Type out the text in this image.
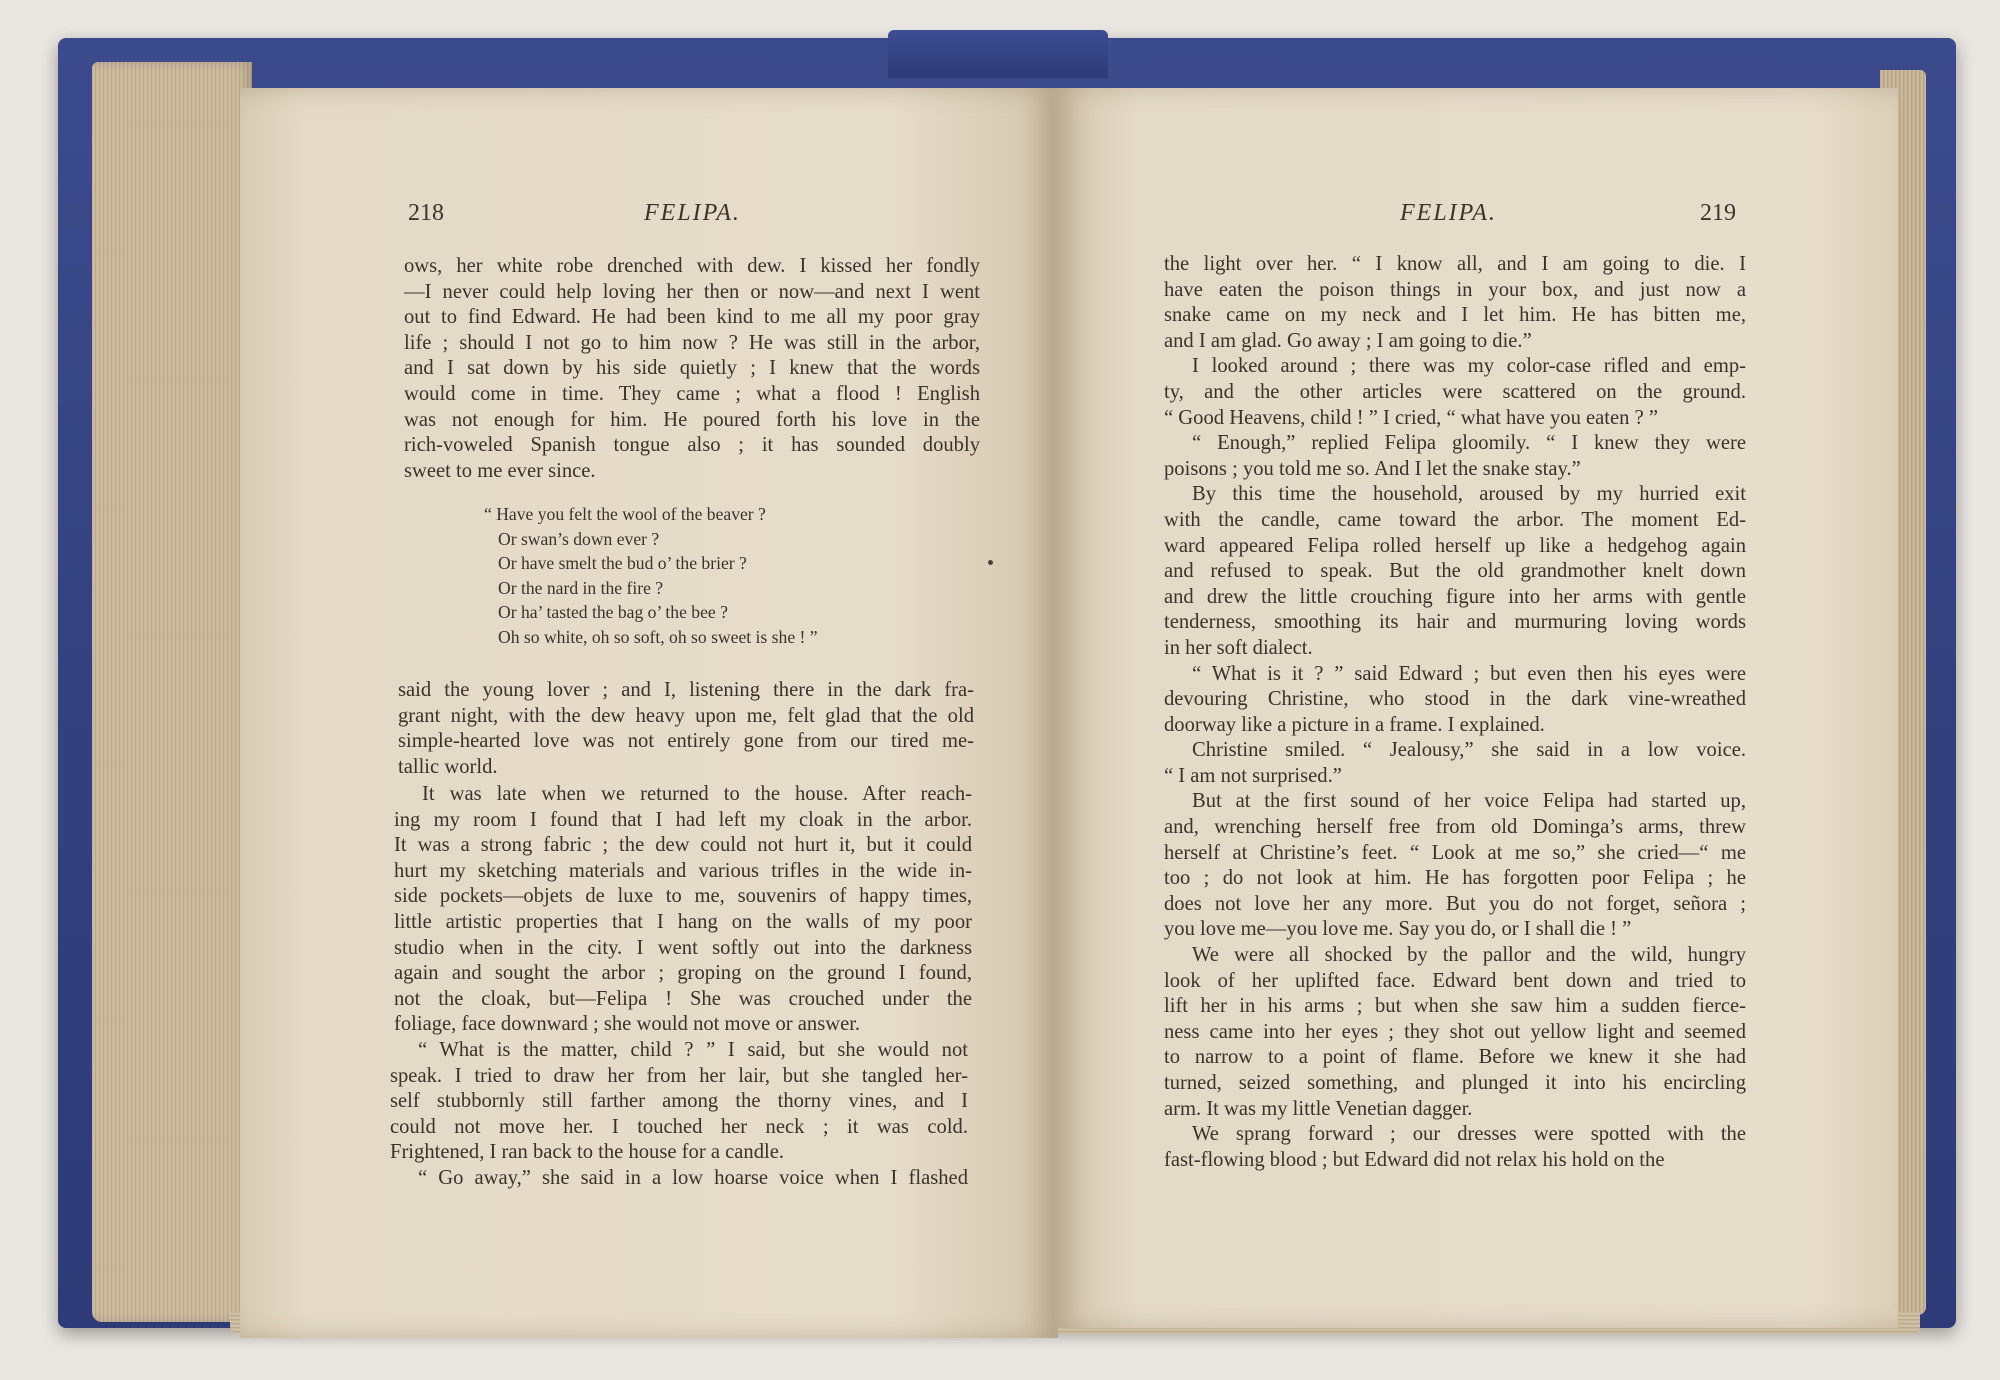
218	FELIPA.
ows, her white robe drenched with dew. I kissed her fondly
—I never could help loving her then or now—and next I went
out to find Edward. He had been kind to me all my poor gray
life ; should I not go to him now ? He was still in the arbor,
and I sat down by his side quietly ; I knew that the words
would come in time. They came ; what a flood ! English
was not enough for him. He poured forth his love in the
rich-voweled Spanish tongue also ; it has sounded doubly
sweet to me ever since.
“ Have you felt the wool of the beaver ?
Or swan’s down ever ?
Or have smelt the bud o’ the brier ?
Or the nard in the fire ?
Or ha’ tasted the bag o’ the bee ?
Oh so white, oh so soft, oh so sweet is she ! ”
said the young lover ; and I, listening there in the dark fra-
grant night, with the dew heavy upon me, felt glad that the old
simple-hearted love was not entirely gone from our tired me-
tallic world.
It was late when we returned to the house. After reach-
ing my room I found that I had left my cloak in the arbor.
It was a strong fabric ; the dew could not hurt it, but it could
hurt my sketching materials and various trifles in the wide in-
side pockets—objets de luxe to me, souvenirs of happy times,
little artistic properties that I hang on the walls of my poor
studio when in the city. I went softly out into the darkness
again and sought the arbor ; groping on the ground I found,
not the cloak, but—Felipa ! She was crouched under the
foliage, face downward ; she would not move or answer.
“ What is the matter, child ? ” I said, but she would not
speak. I tried to draw her from her lair, but she tangled her-
self stubbornly still farther among the thorny vines, and I
could not move her. I touched her neck ; it was cold.
Frightened, I ran back to the house for a candle.
“ Go away,” she said in a low hoarse voice when I flashed
FELIPA.	219
the light over her. “ I know all, and I am going to die. I
have eaten the poison things in your box, and just now a
snake came on my neck and I let him. He has bitten me,
and I am glad. Go away ; I am going to die.”
I looked around ; there was my color-case rifled and emp-
ty, and the other articles were scattered on the ground.
“ Good Heavens, child ! ” I cried, “ what have you eaten ? ”
“ Enough,” replied Felipa gloomily. “ I knew they were
poisons ; you told me so. And I let the snake stay.”
By this time the household, aroused by my hurried exit
with the candle, came toward the arbor. The moment Ed-
ward appeared Felipa rolled herself up like a hedgehog again
and refused to speak. But the old grandmother knelt down
and drew the little crouching figure into her arms with gentle
tenderness, smoothing its hair and murmuring loving words
in her soft dialect.
“ What is it ? ” said Edward ; but even then his eyes were
devouring Christine, who stood in the dark vine-wreathed
doorway like a picture in a frame. I explained.
Christine smiled. “ Jealousy,” she said in a low voice.
“ I am not surprised.”
But at the first sound of her voice Felipa had started up,
and, wrenching herself free from old Dominga’s arms, threw
herself at Christine’s feet. “ Look at me so,” she cried—“ me
too ; do not look at him. He has forgotten poor Felipa ; he
does not love her any more. But you do not forget, señora ;
you love me—you love me. Say you do, or I shall die ! ”
We were all shocked by the pallor and the wild, hungry
look of her uplifted face. Edward bent down and tried to
lift her in his arms ; but when she saw him a sudden fierce-
ness came into her eyes ; they shot out yellow light and seemed
to narrow to a point of flame. Before we knew it she had
turned, seized something, and plunged it into his encircling
arm. It was my little Venetian dagger.
We sprang forward ; our dresses were spotted with the
fast-flowing blood ; but Edward did not relax his hold on the
